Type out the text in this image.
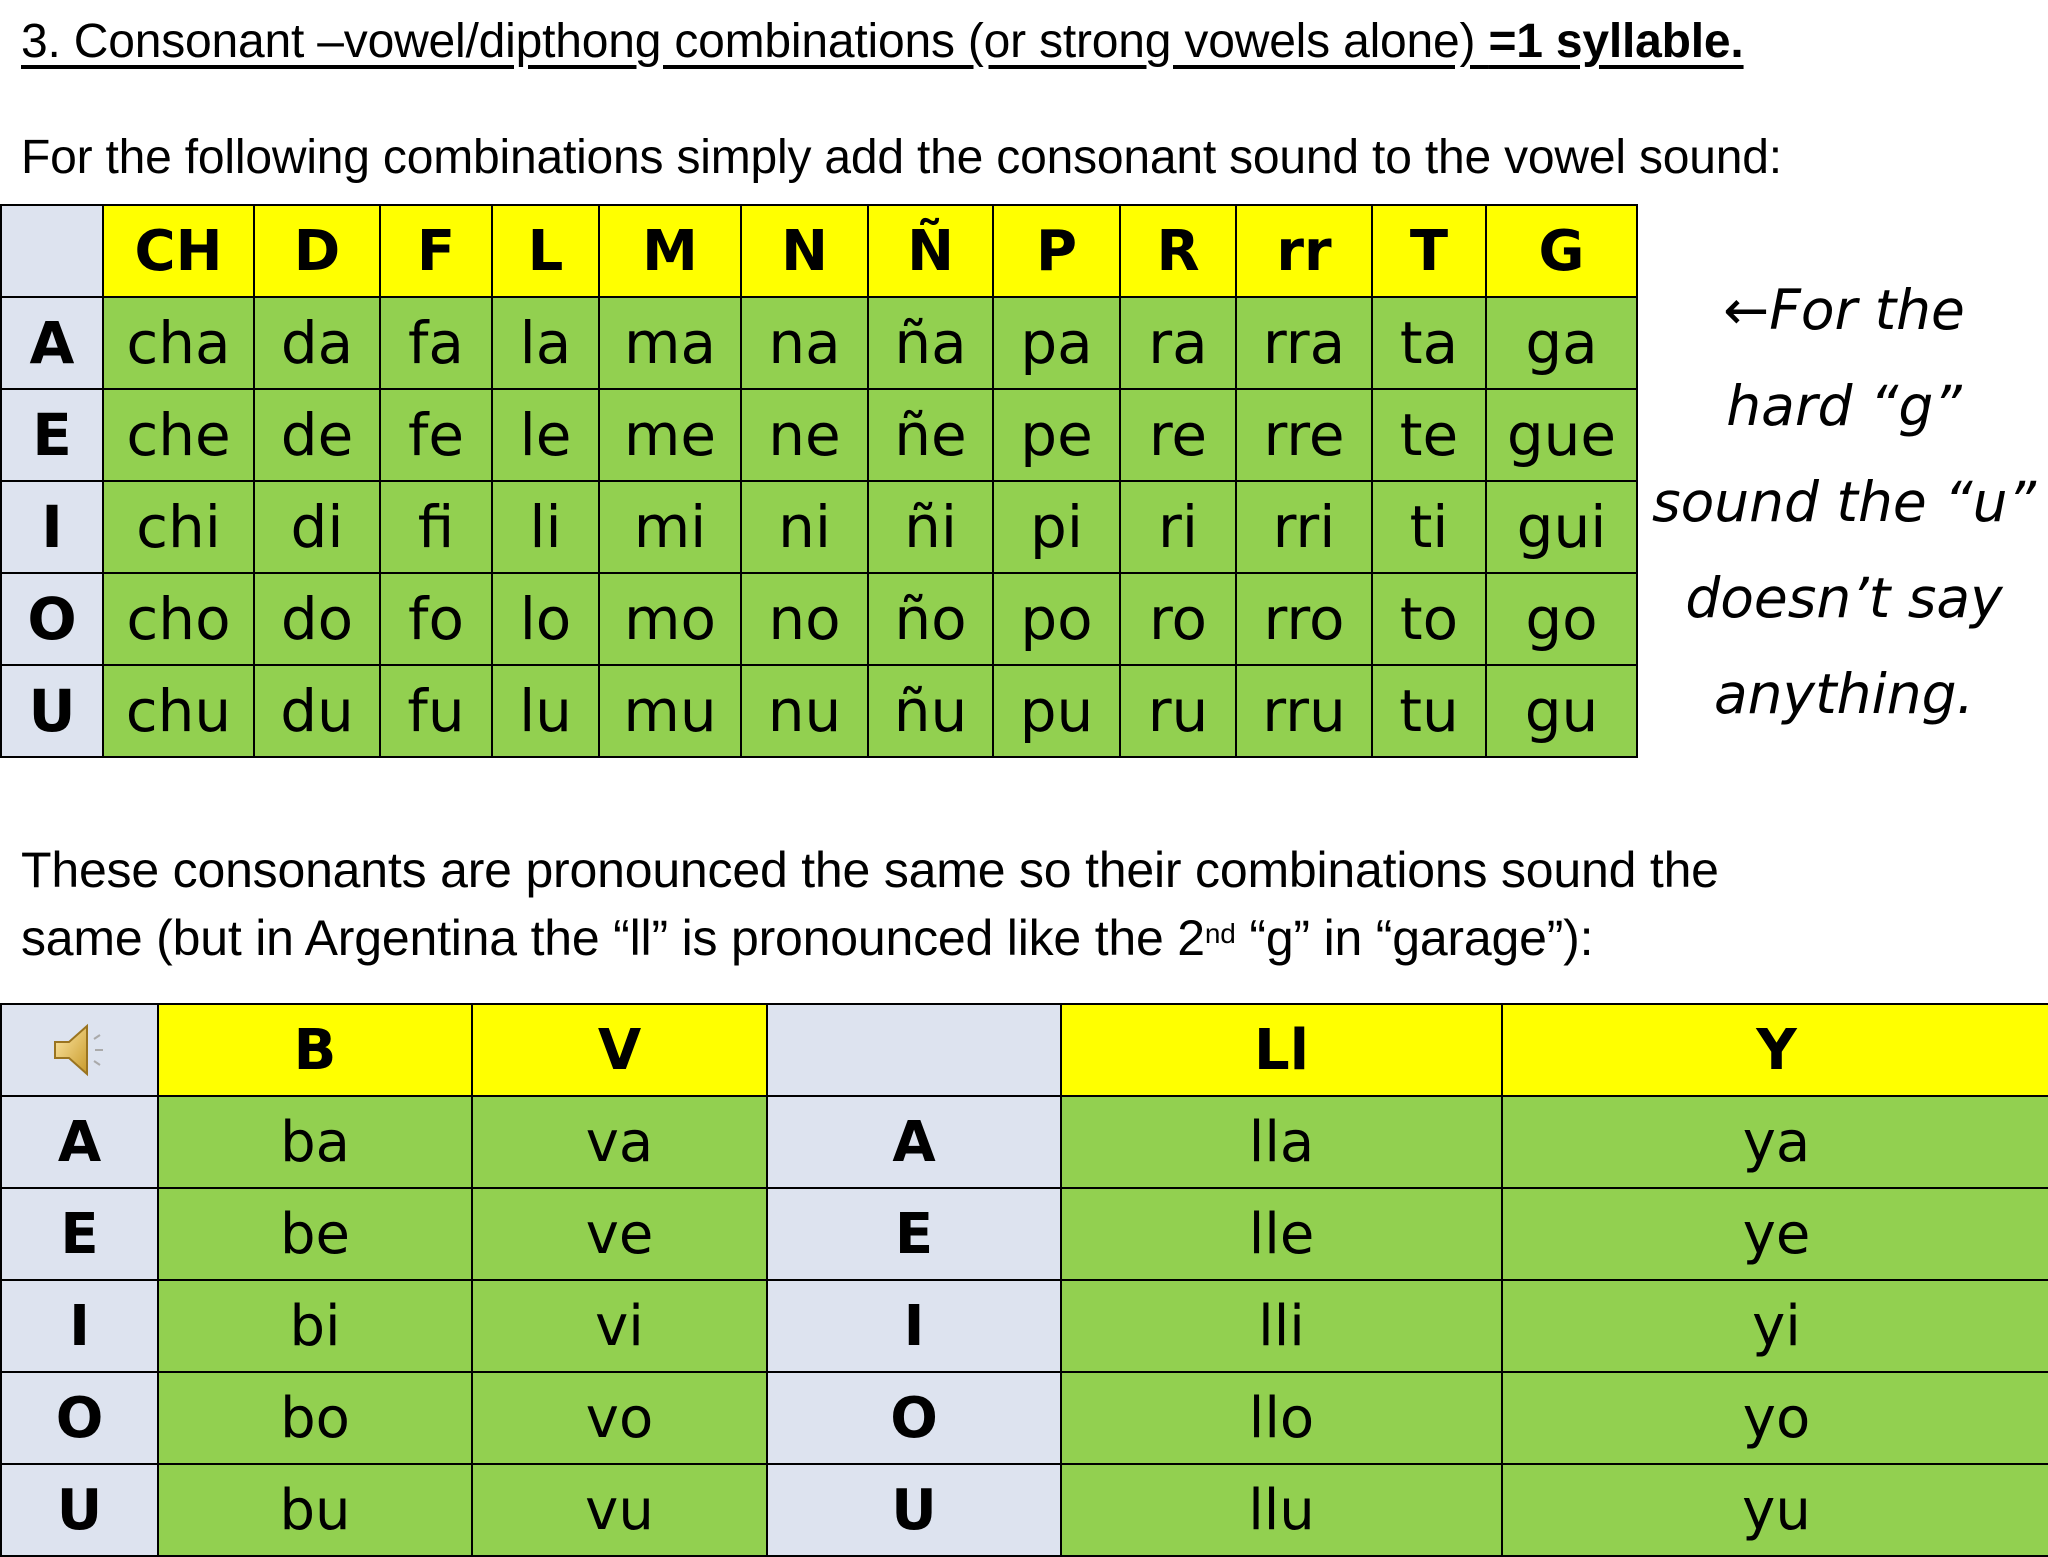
3. Consonant –vowel/dipthong combinations (or strong vowels alone) =1 syllable.

For the following combinations simply add the consonant sound to the vowel sound:

	CH	D	F	L	M	N	Ñ	P	R	rr	T	G
A	cha	da	fa	la	ma	na	ña	pa	ra	rra	ta	ga
E	che	de	fe	le	me	ne	ñe	pe	re	rre	te	gue
I	chi	di	fi	li	mi	ni	ñi	pi	ri	rri	ti	gui
O	cho	do	fo	lo	mo	no	ño	po	ro	rro	to	go
U	chu	du	fu	lu	mu	nu	ñu	pu	ru	rru	tu	gu
←For the
hard “g”
sound the “u”
doesn’t say
anything.
These consonants are pronounced the same so their combinations sound the
same (but in Argentina the “ll” is pronounced like the 2nd “g” in “garage”):
	B	V		Ll	Y
A	ba	va	A	lla	ya
E	be	ve	E	lle	ye
I	bi	vi	I	lli	yi
O	bo	vo	O	llo	yo
U	bu	vu	U	llu	yu
